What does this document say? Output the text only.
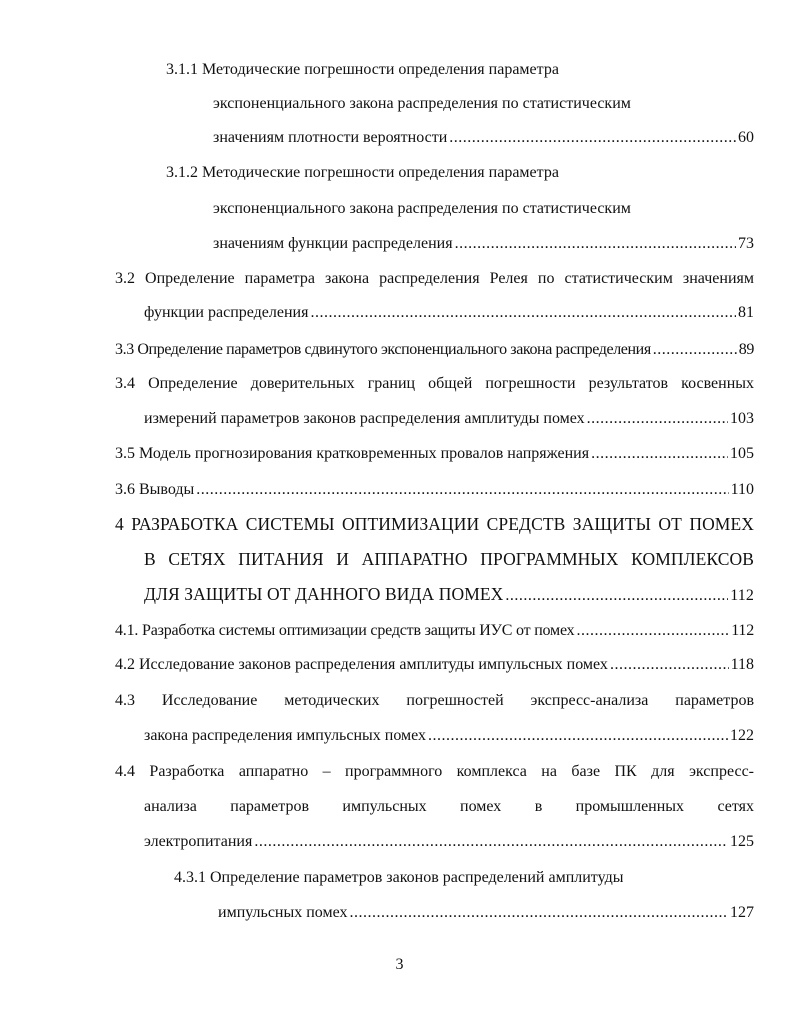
3.1.1 Методические погрешности определения параметра
экспоненциального закона распределения по статистическим
значениям плотности вероятности .....	60
3.1.2 Методические погрешности определения параметра
экспоненциального закона распределения по статистическим
значениям функции распределения .....	73
3.2 Определение параметра закона распределения Релея по статистическим значениям
функции распределения .....	81
3.3 Определение параметров сдвинутого экспоненциального закона распределения .....	89
3.4 Определение доверительных границ общей погрешности результатов косвенных
измерений параметров законов распределения амплитуды помех .....	103
3.5 Модель прогнозирования кратковременных провалов напряжения .....	105
3.6 Выводы .....	110
4 РАЗРАБОТКА СИСТЕМЫ ОПТИМИЗАЦИИ СРЕДСТВ ЗАЩИТЫ ОТ ПОМЕХ
В СЕТЯХ ПИТАНИЯ И АППАРАТНО ПРОГРАММНЫХ КОМПЛЕКСОВ
ДЛЯ ЗАЩИТЫ ОТ ДАННОГО ВИДА ПОМЕХ .....	112
4.1. Разработка системы оптимизации средств защиты ИУС от помех .....	112
4.2 Исследование законов распределения амплитуды импульсных помех .....	118
4.3 Исследование методических погрешностей экспресс-анализа параметров
закона распределения импульсных помех .....	122
4.4 Разработка аппаратно – программного комплекса на базе ПК для экспресс-
анализа параметров импульсных помех в промышленных сетях
электропитания .....	125
4.3.1 Определение параметров законов распределений амплитуды
импульсных помех .....	127
3
